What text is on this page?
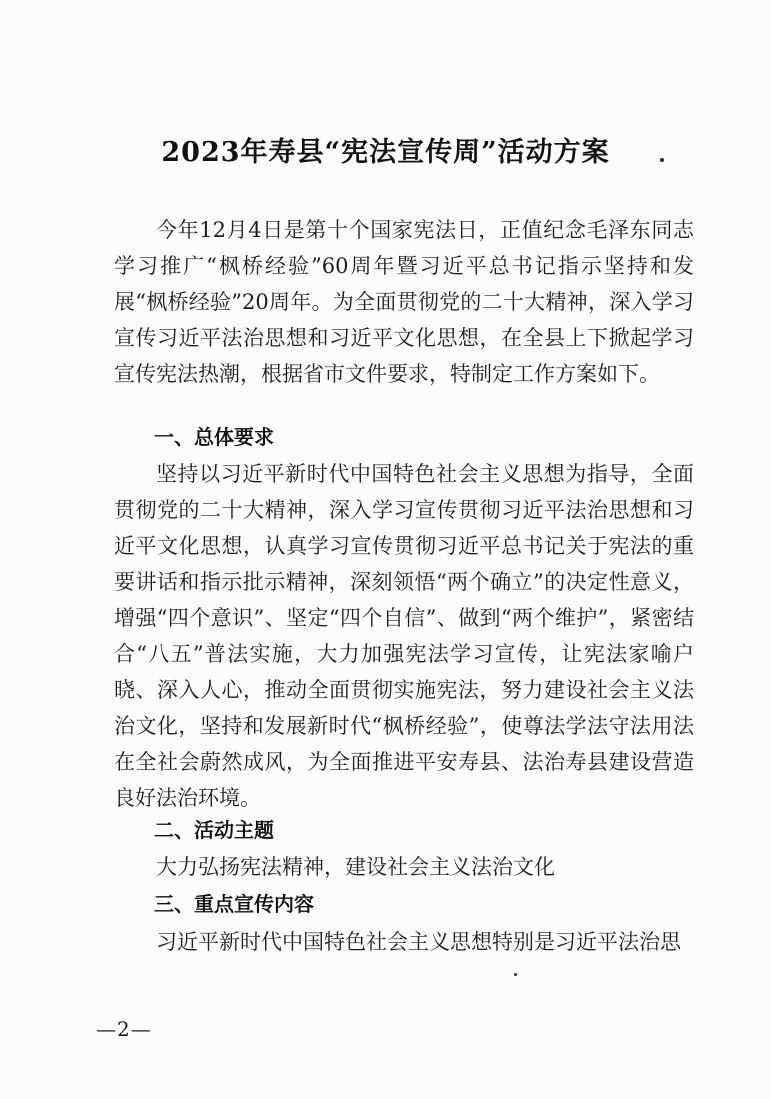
2023年寿县“宪法宣传周”活动方案

今年12月4日是第十个国家宪法日，正值纪念毛泽东同志学习推广“枫桥经验”60周年暨习近平总书记指示坚持和发展“枫桥经验”20周年。为全面贯彻党的二十大精神，深入学习宣传习近平法治思想和习近平文化思想，在全县上下掀起学习宣传宪法热潮，根据省市文件要求，特制定工作方案如下。

一、总体要求

坚持以习近平新时代中国特色社会主义思想为指导，全面贯彻党的二十大精神，深入学习宣传贯彻习近平法治思想和习近平文化思想，认真学习宣传贯彻习近平总书记关于宪法的重要讲话和指示批示精神，深刻领悟“两个确立”的决定性意义，增强“四个意识”、坚定“四个自信”、做到“两个维护”，紧密结合“八五”普法实施，大力加强宪法学习宣传，让宪法家喻户晓、深入人心，推动全面贯彻实施宪法，努力建设社会主义法治文化，坚持和发展新时代“枫桥经验”，使尊法学法守法用法在全社会蔚然成风，为全面推进平安寿县、法治寿县建设营造良好法治环境。

二、活动主题

大力弘扬宪法精神，建设社会主义法治文化

三、重点宣传内容

习近平新时代中国特色社会主义思想特别是习近平法治思

—2—
